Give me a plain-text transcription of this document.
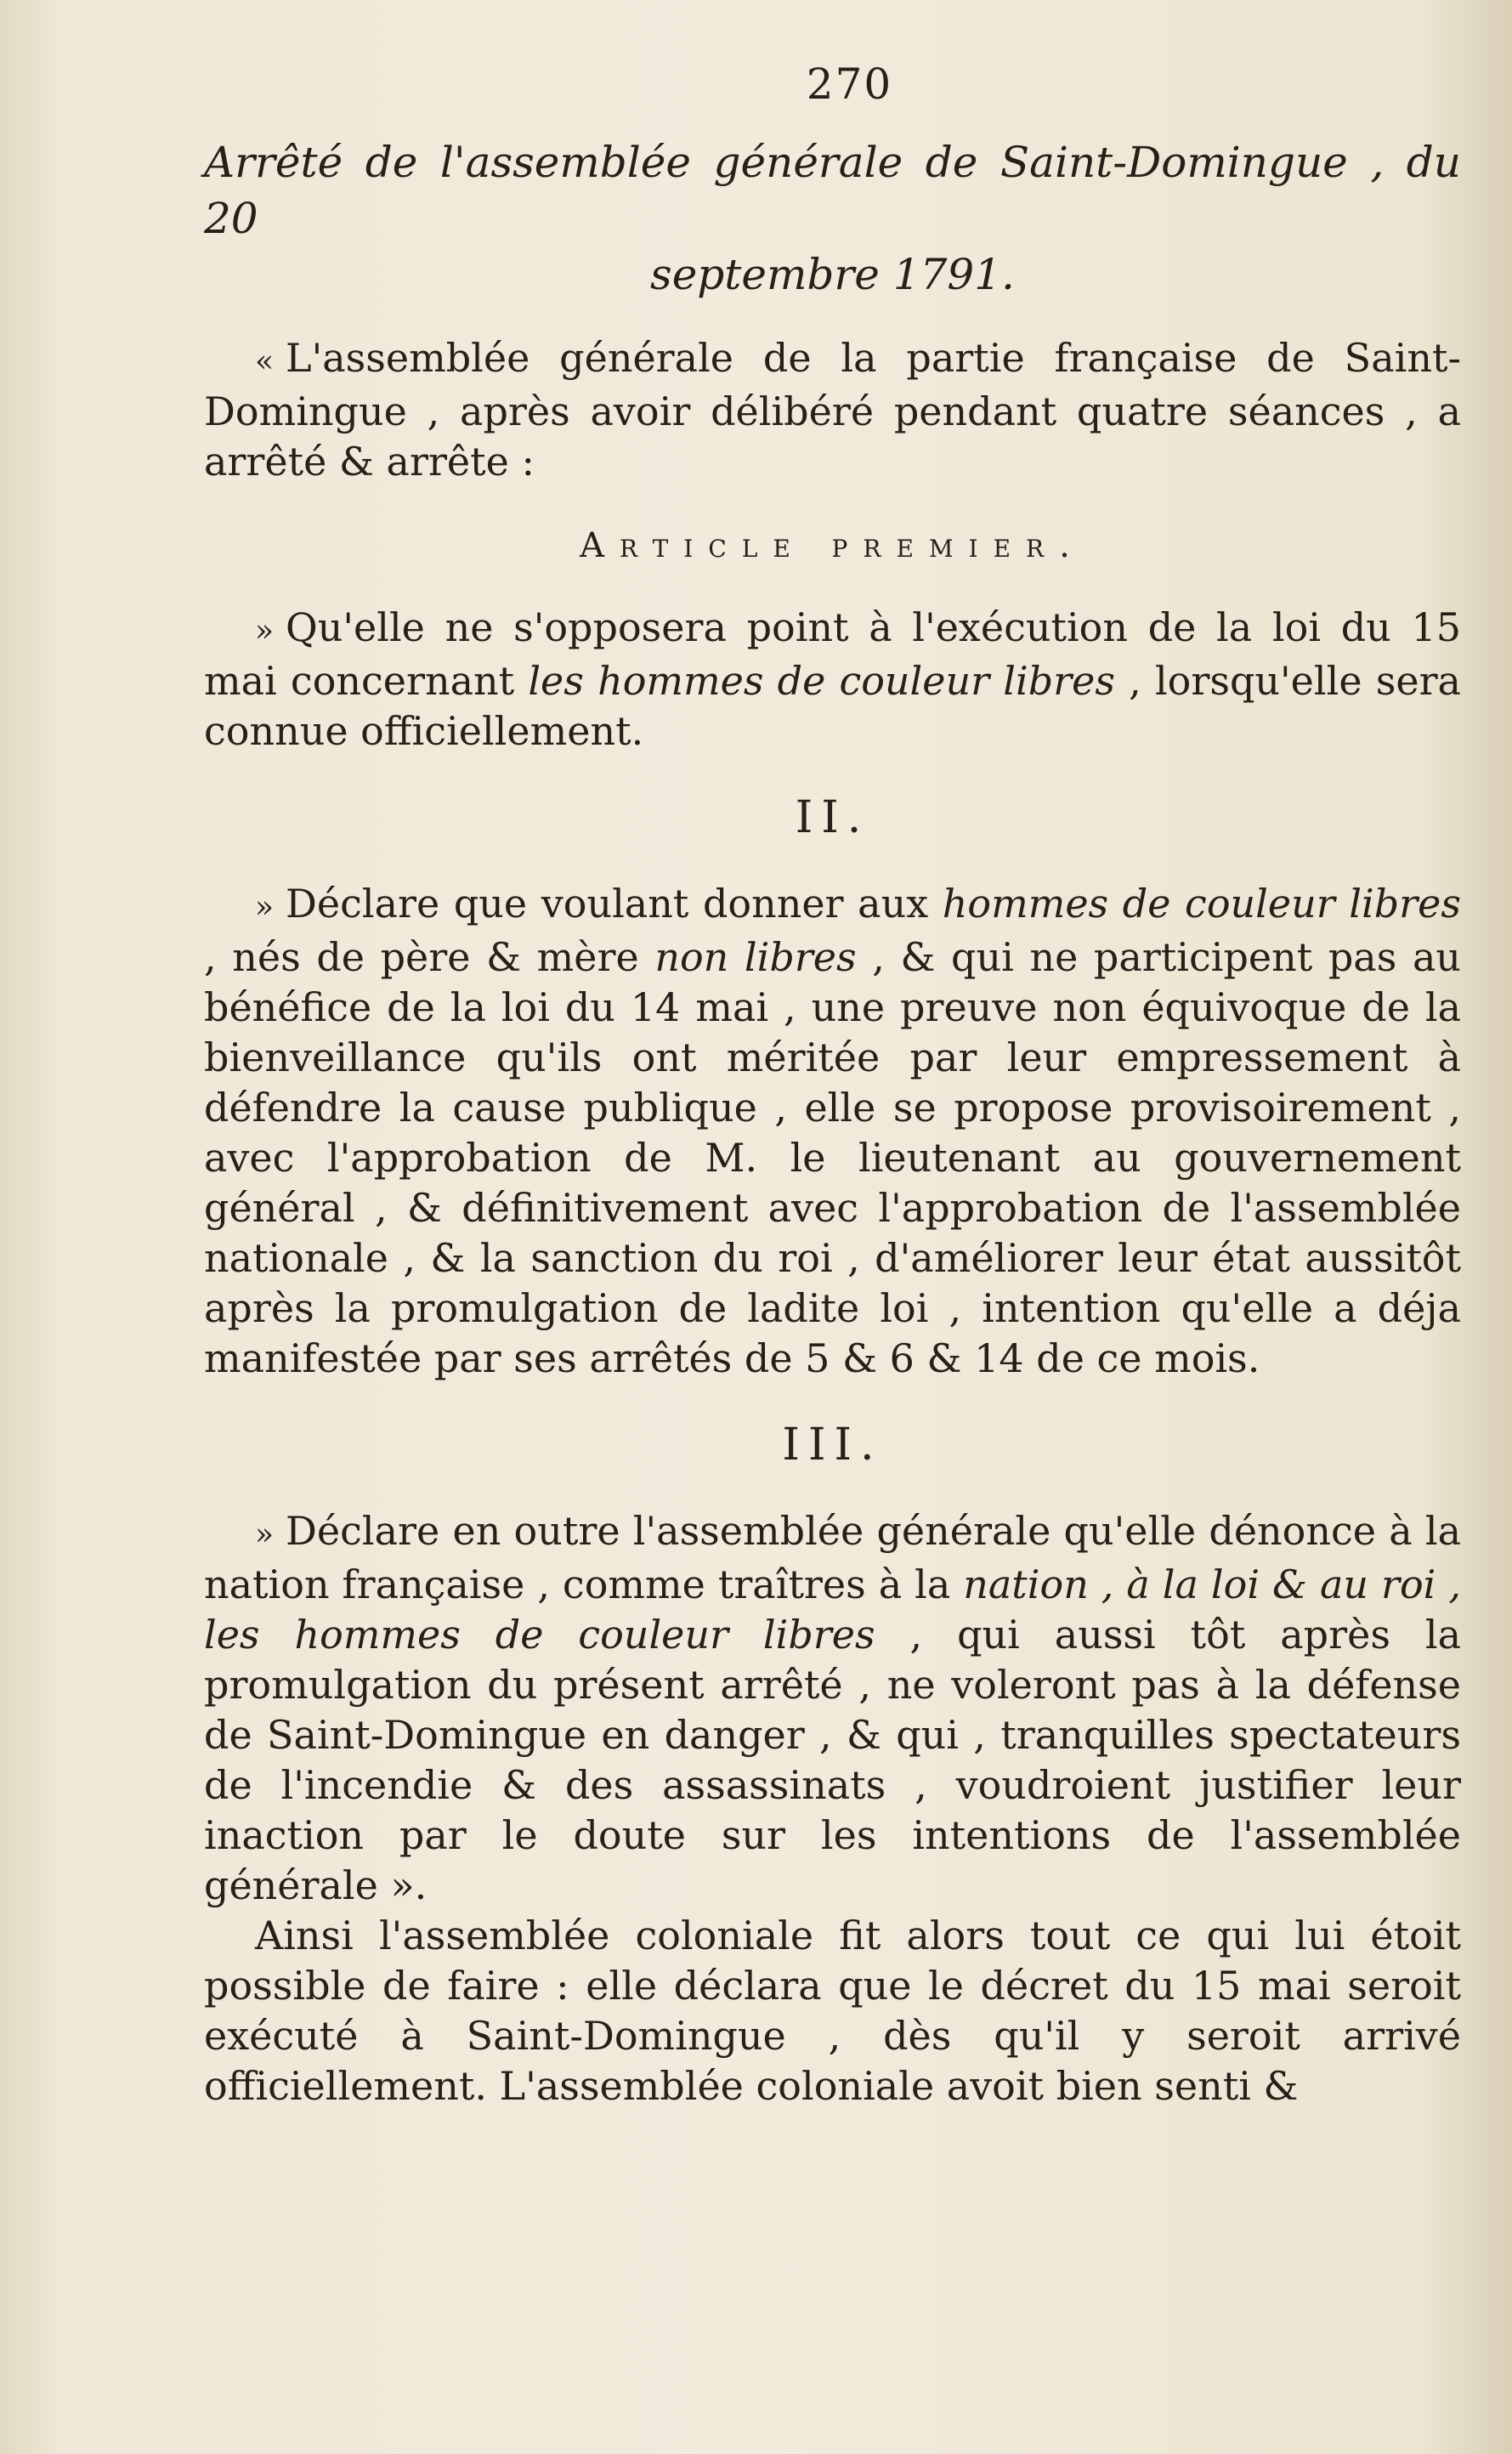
270
Arrêté de l'assemblée générale de Saint-Domingue , du 20
septembre 1791.

« L'assemblée générale de la partie française de Saint-Domingue , après avoir délibéré pendant quatre séances , a arrêté & arrête :

Article premier.

» Qu'elle ne s'opposera point à l'exécution de la loi du 15 mai concernant les hommes de couleur libres , lorsqu'elle sera connue officiellement.

II.

» Déclare que voulant donner aux hommes de couleur libres , nés de père & mère non libres , & qui ne participent pas au bénéfice de la loi du 14 mai , une preuve non équivoque de la bienveillance qu'ils ont méritée par leur empressement à défendre la cause publique , elle se propose provisoirement , avec l'approbation de M. le lieutenant au gouvernement général , & définitivement avec l'approbation de l'assemblée nationale , & la sanction du roi , d'améliorer leur état aussitôt après la promulgation de ladite loi , intention qu'elle a déja manifestée par ses arrêtés de 5 & 6 & 14 de ce mois.

III.

» Déclare en outre l'assemblée générale qu'elle dénonce à la nation française , comme traîtres à la nation , à la loi & au roi , les hommes de couleur libres , qui aussi tôt après la promulgation du présent arrêté , ne voleront pas à la défense de Saint-Domingue en danger , & qui , tranquilles spectateurs de l'incendie & des assassinats , voudroient justifier leur inaction par le doute sur les intentions de l'assemblée générale ».

Ainsi l'assemblée coloniale fit alors tout ce qui lui étoit possible de faire : elle déclara que le décret du 15 mai seroit exécuté à Saint-Domingue , dès qu'il y seroit arrivé officiellement. L'assemblée coloniale avoit bien senti &
